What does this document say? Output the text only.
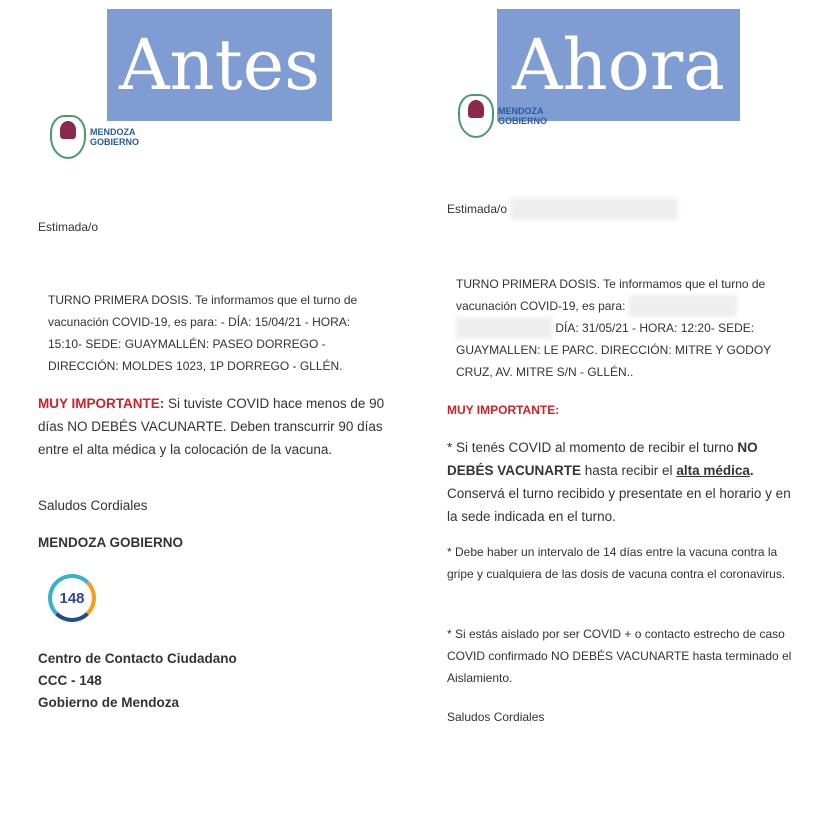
Antes	Ahora
MENDOZA
GOBIERNO
Estimada/o
TURNO PRIMERA DOSIS. Te informamos que el turno de
vacunación COVID-19, es para: - DÍA: 15/04/21 - HORA:
15:10- SEDE: GUAYMALLÉN: PASEO DORREGO -
DIRECCIÓN: MOLDES 1023, 1P DORREGO - GLLÉN.
MUY IMPORTANTE: Si tuviste COVID hace menos de 90 días NO DEBÉS VACUNARTE. Deben transcurrir 90 días entre el alta médica y la colocación de la vacuna.
Saludos Cordiales
MENDOZA GOBIERNO
148
Centro de Contacto Ciudadano
CCC - 148
Gobierno de Mendoza
MENDOZA
GOBIERNO
Estimada/o
TURNO PRIMERA DOSIS. Te informamos que el turno de
vacunación COVID-19, es para:
DÍA: 31/05/21 - HORA: 12:20- SEDE:
GUAYMALLEN: LE PARC. DIRECCIÓN: MITRE Y GODOY
CRUZ, AV. MITRE S/N - GLLÉN..
MUY IMPORTANTE:
* Si tenés COVID al momento de recibir el turno NO DEBÉS VACUNARTE hasta recibir el alta médica. Conservá el turno recibido y presentate en el horario y en la sede indicada en el turno.
* Debe haber un intervalo de 14 días entre la vacuna contra la gripe y cualquiera de las dosis de vacuna contra el coronavirus.
* Si estás aislado por ser COVID + o contacto estrecho de caso COVID confirmado NO DEBÉS VACUNARTE hasta terminado el Aislamiento.
Saludos Cordiales
